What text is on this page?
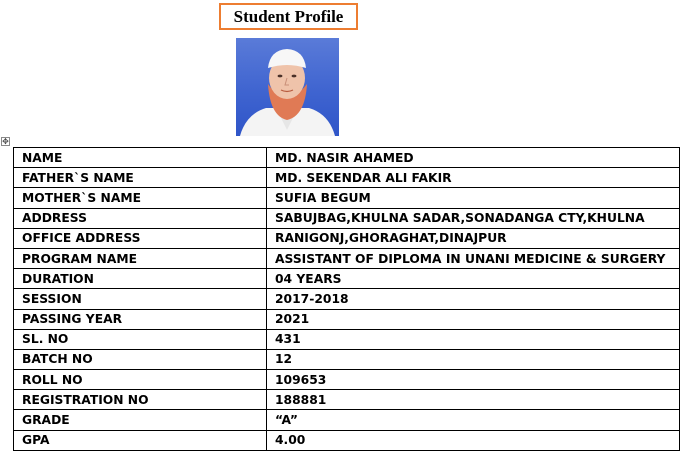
Student Profile
✥
NAME	MD. NASIR AHAMED
FATHER`S NAME	MD. SEKENDAR ALI FAKIR
MOTHER`S NAME	SUFIA BEGUM
ADDRESS	SABUJBAG,KHULNA SADAR,SONADANGA CTY,KHULNA
OFFICE ADDRESS	RANIGONJ,GHORAGHAT,DINAJPUR
PROGRAM NAME	ASSISTANT OF DIPLOMA IN UNANI MEDICINE & SURGERY
DURATION	04 YEARS
SESSION	2017-2018
PASSING YEAR	2021
SL. NO	431
BATCH NO	12
ROLL NO	109653
REGISTRATION NO	188881
GRADE	“A”
GPA	4.00
